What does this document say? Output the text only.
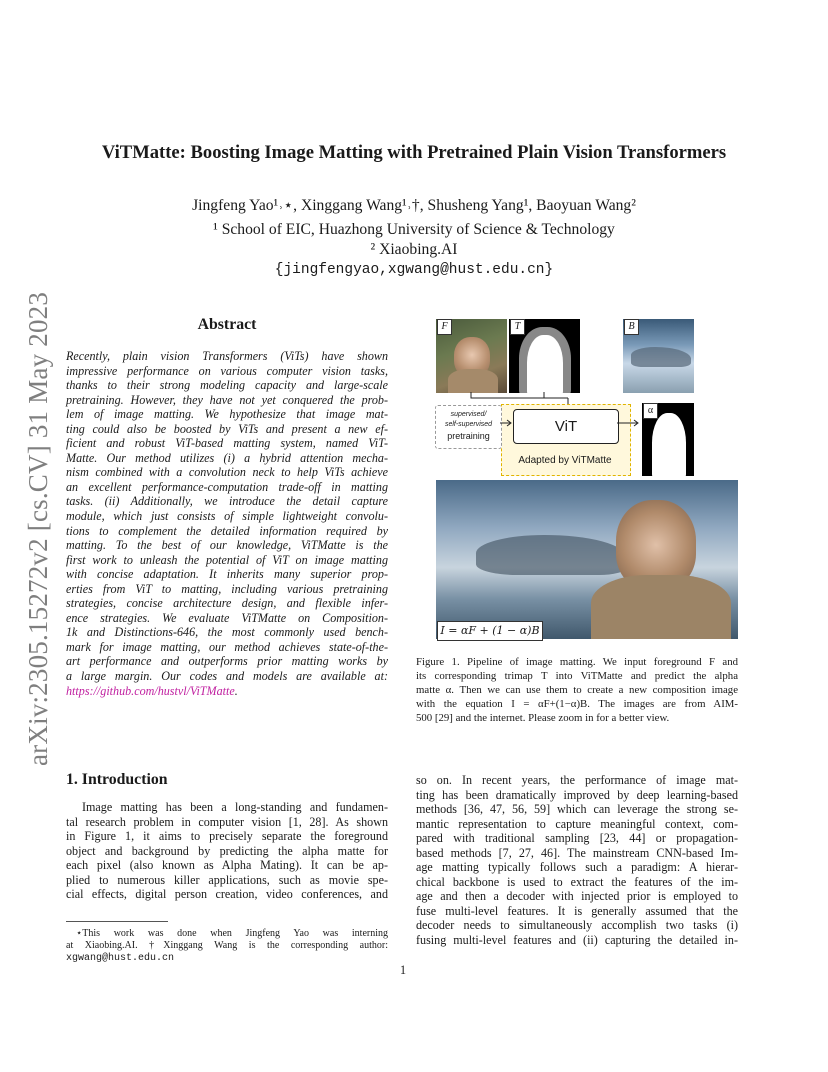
arXiv:2305.15272v2 [cs.CV] 31 May 2023
ViTMatte: Boosting Image Matting with Pretrained Plain Vision Transformers
Jingfeng Yao¹˒⋆, Xinggang Wang¹˒†, Shusheng Yang¹, Baoyuan Wang²
¹ School of EIC, Huazhong University of Science & Technology
² Xiaobing.AI
{jingfengyao,xgwang@hust.edu.cn}
Abstract
Recently, plain vision Transformers (ViTs) have shown
impressive performance on various computer vision tasks,
thanks to their strong modeling capacity and large-scale
pretraining. However, they have not yet conquered the prob-
lem of image matting. We hypothesize that image mat-
ting could also be boosted by ViTs and present a new ef-
ficient and robust ViT-based matting system, named ViT-
Matte. Our method utilizes (i) a hybrid attention mecha-
nism combined with a convolution neck to help ViTs achieve
an excellent performance-computation trade-off in matting
tasks. (ii) Additionally, we introduce the detail capture
module, which just consists of simple lightweight convolu-
tions to complement the detailed information required by
matting. To the best of our knowledge, ViTMatte is the
first work to unleash the potential of ViT on image matting
with concise adaptation. It inherits many superior prop-
erties from ViT to matting, including various pretraining
strategies, concise architecture design, and flexible infer-
ence strategies. We evaluate ViTMatte on Composition-
1k and Distinctions-646, the most commonly used bench-
mark for image matting, our method achieves state-of-the-
art performance and outperforms prior matting works by
a large margin. Our codes and models are available at:
https://github.com/hustvl/ViTMatte.
F	T	B
Adapted by ViTMatte
supervised/
self-supervised
pretraining
ViT
α
I = αF + (1 − α)B
Figure 1. Pipeline of image matting. We input foreground F and
its corresponding trimap T into ViTMatte and predict the alpha
matte α. Then we can use them to create a new composition image
with the equation I = αF+(1−α)B. The images are from AIM-
500 [29] and the internet. Please zoom in for a better view.
1. Introduction
Image matting has been a long-standing and fundamen-
tal research problem in computer vision [1, 28]. As shown
in Figure 1, it aims to precisely separate the foreground
object and background by predicting the alpha matte for
each pixel (also known as Alpha Mating). It can be ap-
plied to numerous killer applications, such as movie spe-
cial effects, digital person creation, video conferences, and
so on. In recent years, the performance of image mat-
ting has been dramatically improved by deep learning-based
methods [36, 47, 56, 59] which can leverage the strong se-
mantic representation to capture meaningful context, com-
pared with traditional sampling [23, 44] or propagation-
based methods [7, 27, 46]. The mainstream CNN-based Im-
age matting typically follows such a paradigm: A hierar-
chical backbone is used to extract the features of the im-
age and then a decoder with injected prior is employed to
fuse multi-level features. It is generally assumed that the
decoder needs to simultaneously accomplish two tasks (i)
fusing multi-level features and (ii) capturing the detailed in-
⋆This work was done when Jingfeng Yao was interning
at Xiaobing.AI. †Xinggang Wang is the corresponding author:
xgwang@hust.edu.cn
1
